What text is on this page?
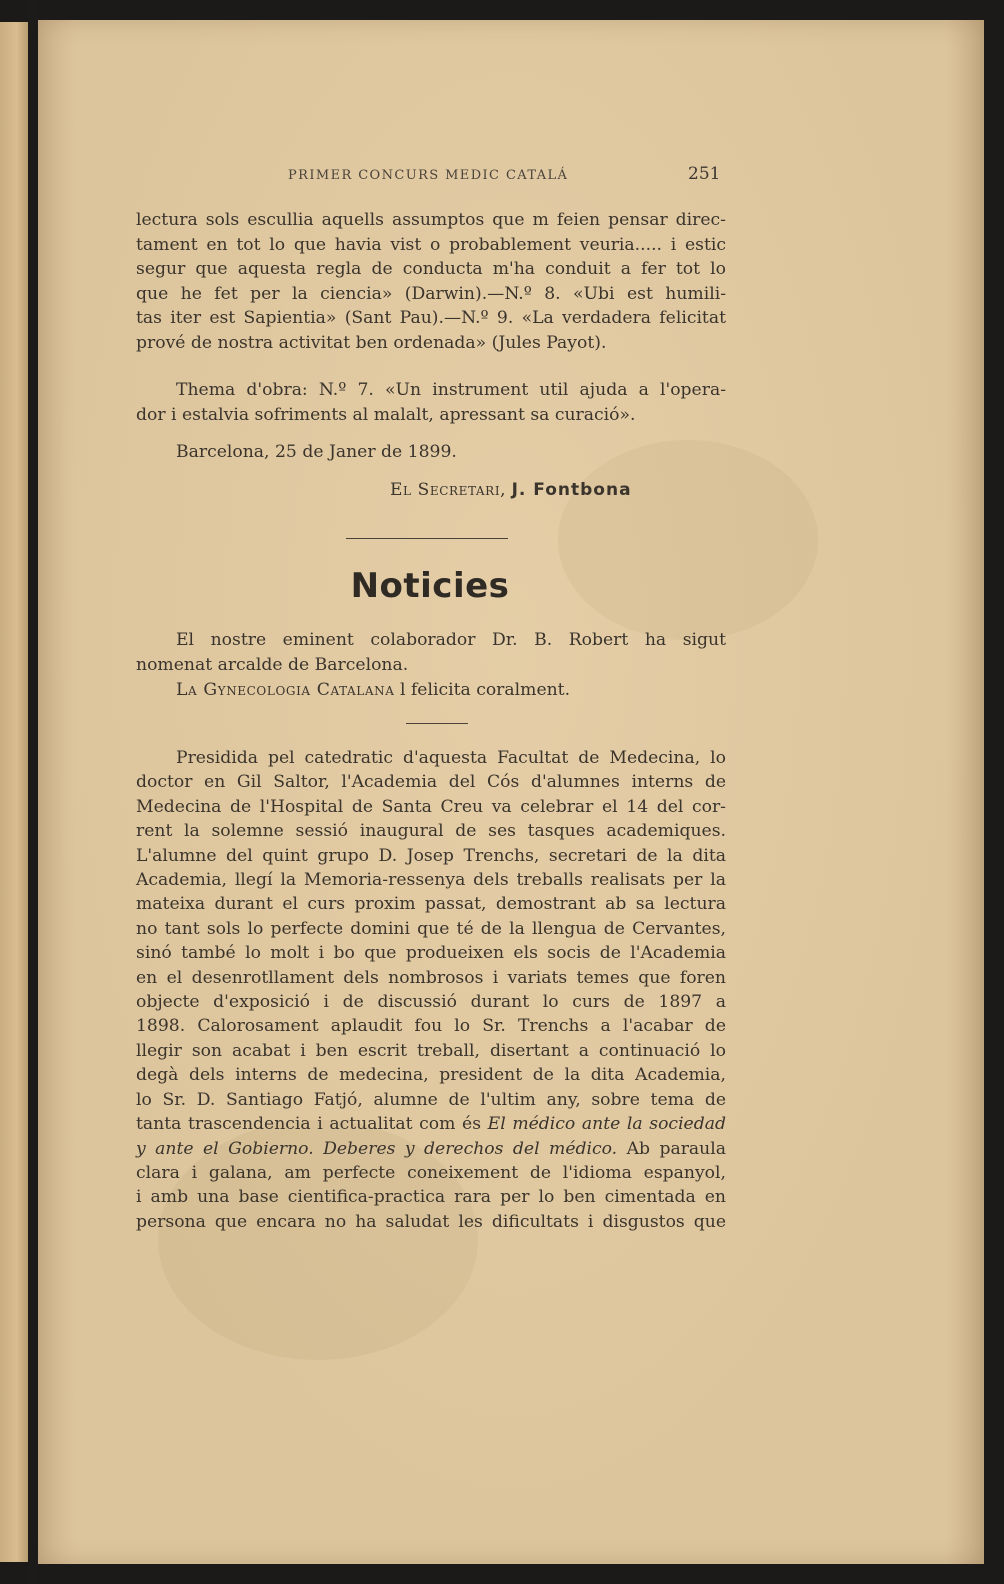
PRIMER CONCURS MEDIC CATALÁ	251
lectura sols escullia aquells assumptos que m feien pensar direc-
tament en tot lo que havia vist o probablement veuria..... i estic
segur que aquesta regla de conducta m'ha conduit a fer tot lo
que he fet per la ciencia» (Darwin).—N.º 8. «Ubi est humili-
tas iter est Sapientia» (Sant Pau).—N.º 9. «La verdadera felicitat
prové de nostra activitat ben ordenada» (Jules Payot).
Thema d'obra: N.º 7. «Un instrument util ajuda a l'opera-
dor i estalvia sofriments al malalt, apressant sa curació».
Barcelona, 25 de Janer de 1899.
El Secretari, J. Fontbona
Noticies
El nostre eminent colaborador Dr. B. Robert ha sigut
nomenat arcalde de Barcelona.
La Gynecologia Catalana l felicita coralment.
Presidida pel catedratic d'aquesta Facultat de Medecina, lo
doctor en Gil Saltor, l'Academia del Cós d'alumnes interns de
Medecina de l'Hospital de Santa Creu va celebrar el 14 del cor-
rent la solemne sessió inaugural de ses tasques academiques.
L'alumne del quint grupo D. Josep Trenchs, secretari de la dita
Academia, llegí la Memoria-ressenya dels treballs realisats per la
mateixa durant el curs proxim passat, demostrant ab sa lectura
no tant sols lo perfecte domini que té de la llengua de Cervantes,
sinó també lo molt i bo que produeixen els socis de l'Academia
en el desenrotllament dels nombrosos i variats temes que foren
objecte d'exposició i de discussió durant lo curs de 1897 a
1898. Calorosament aplaudit fou lo Sr. Trenchs a l'acabar de
llegir son acabat i ben escrit treball, disertant a continuació lo
degà dels interns de medecina, president de la dita Academia,
lo Sr. D. Santiago Fatjó, alumne de l'ultim any, sobre tema de
tanta trascendencia i actualitat com és El médico ante la sociedad
y ante el Gobierno. Deberes y derechos del médico. Ab paraula
clara i galana, am perfecte coneixement de l'idioma espanyol,
i amb una base cientifica-practica rara per lo ben cimentada en
persona que encara no ha saludat les dificultats i disgustos que
